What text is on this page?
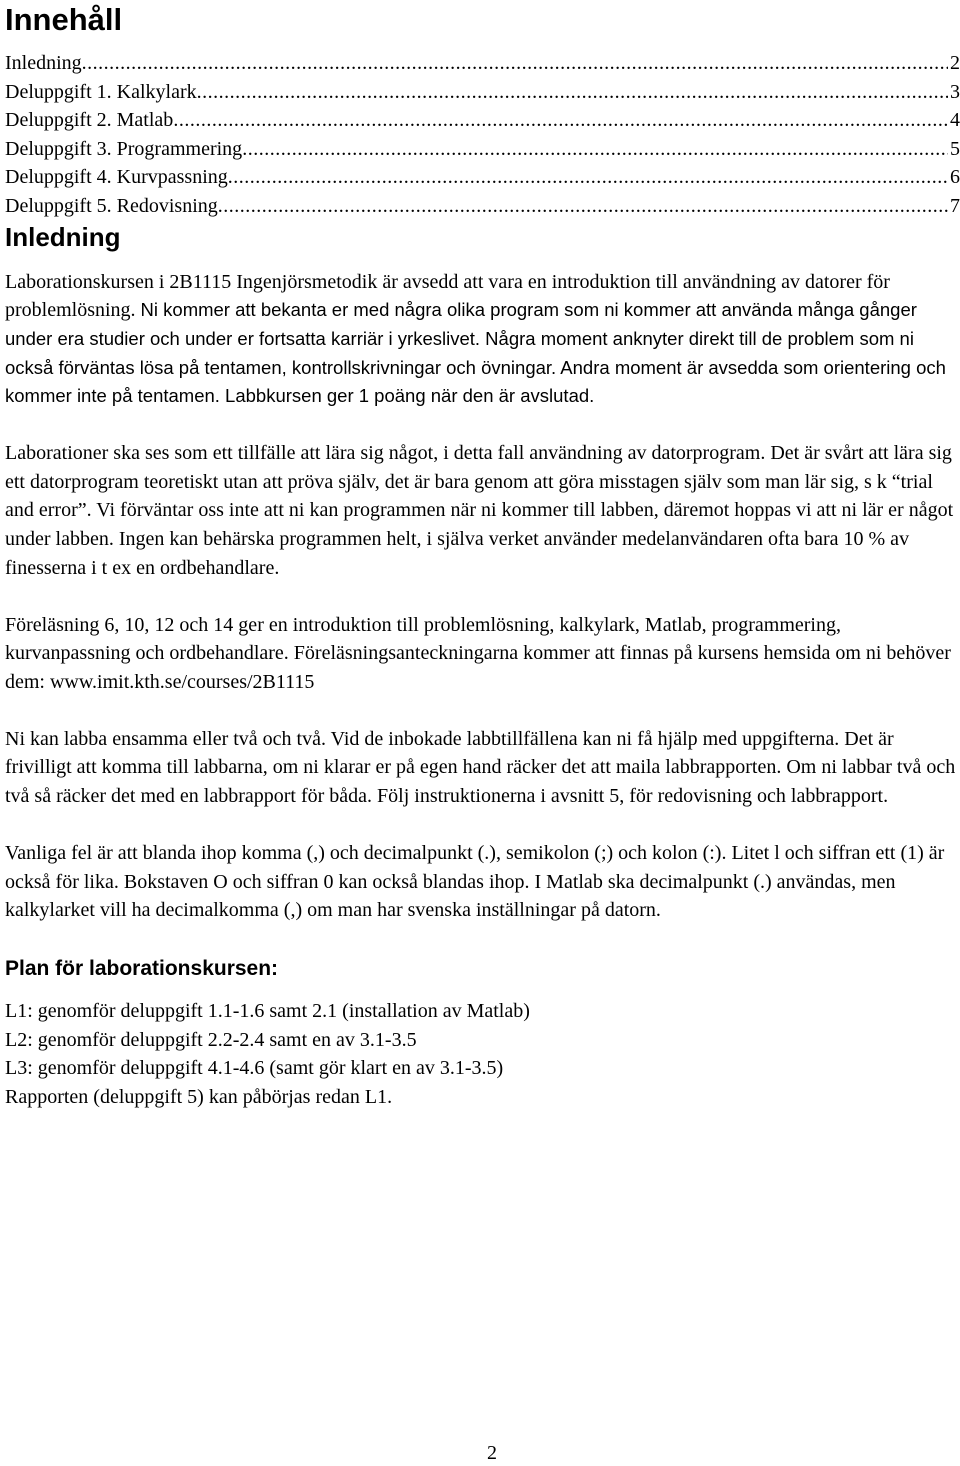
Innehåll
Inledning .....	2
Deluppgift 1. Kalkylark .....	3
Deluppgift 2. Matlab .....	4
Deluppgift 3. Programmering .....	5
Deluppgift 4. Kurvpassning .....	6
Deluppgift 5. Redovisning .....	7
Inledning

Laborationskursen i 2B1115 Ingenjörsmetodik är avsedd att vara en introduktion till användning av datorer för problemlösning. Ni kommer att bekanta er med några olika program som ni kommer att använda många gånger under era studier och under er fortsatta karriär i yrkeslivet. Några moment anknyter direkt till de problem som ni också förväntas lösa på tentamen, kontrollskrivningar och övningar. Andra moment är avsedda som orientering och kommer inte på tentamen. Labbkursen ger 1 poäng när den är avslutad.

Laborationer ska ses som ett tillfälle att lära sig något, i detta fall användning av datorprogram. Det är svårt att lära sig ett datorprogram teoretiskt utan att pröva själv, det är bara genom att göra misstagen själv som man lär sig, s k “trial and error”. Vi förväntar oss inte att ni kan programmen när ni kommer till labben, däremot hoppas vi att ni lär er något under labben. Ingen kan behärska programmen helt, i själva verket använder medelanvändaren ofta bara 10 % av finesserna i t ex en ordbehandlare.

Föreläsning 6, 10, 12 och 14 ger en introduktion till problemlösning, kalkylark, Matlab, programmering, kurvanpassning och ordbehandlare. Föreläsningsanteckningarna kommer att finnas på kursens hemsida om ni behöver dem: www.imit.kth.se/courses/2B1115

Ni kan labba ensamma eller två och två. Vid de inbokade labbtillfällena kan ni få hjälp med uppgifterna. Det är frivilligt att komma till labbarna, om ni klarar er på egen hand räcker det att maila labbrapporten. Om ni labbar två och två så räcker det med en labbrapport för båda. Följ instruktionerna i avsnitt 5, för redovisning och labbrapport.

Vanliga fel är att blanda ihop komma (,) och decimalpunkt (.), semikolon (;) och kolon (:). Litet l och siffran ett (1) är också för lika. Bokstaven O och siffran 0 kan också blandas ihop. I Matlab ska decimalpunkt (.) användas, men kalkylarket vill ha decimalkomma (,) om man har svenska inställningar på datorn.

Plan för laborationskursen:
L1: genomför deluppgift 1.1-1.6 samt 2.1 (installation av Matlab)
L2: genomför deluppgift 2.2-2.4 samt en av 3.1-3.5
L3: genomför deluppgift 4.1-4.6 (samt gör klart en av 3.1-3.5)
Rapporten (deluppgift 5) kan påbörjas redan L1.
2
